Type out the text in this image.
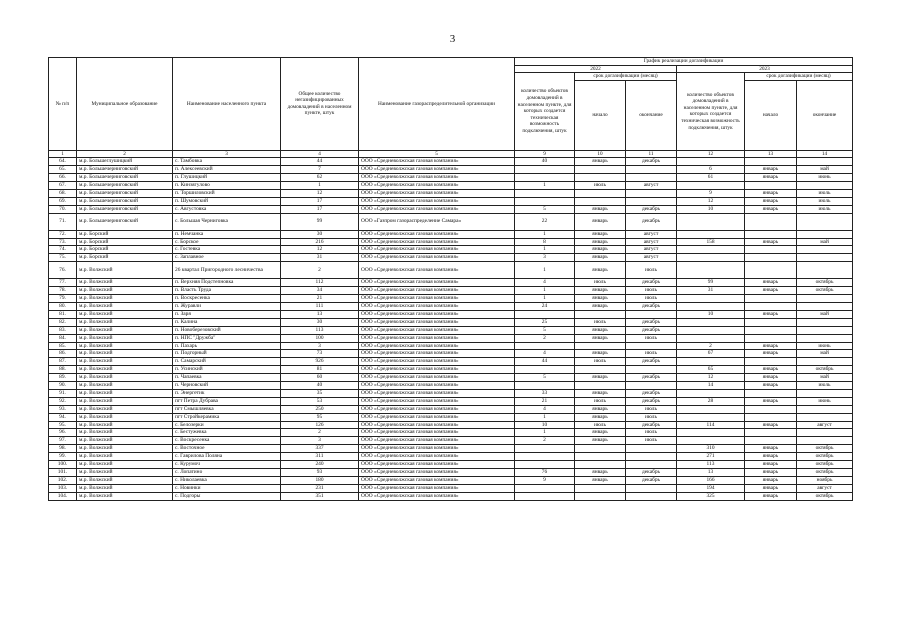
3
№ п/п	Муниципальное образование	Наименование населенного пункта	Общее количество негазифицированных домовладений в населенном пункте, штук	Наименование газораспределительной организации	График реализации догазификации					
					2022			2023		
					количество объектов домовладений в населенном пункте, для которых создается техническая возможность подключения, штук	срок догазификации (месяц)		количество объектов домовладений в населенном пункте, для которых создается техническая возможность подключения, штук	срок догазификации (месяц)	
						начало	окончание		начало	окончание
1	2	3	4	5	9	10	11	12	13	14
64.	м.р. Большеглушицкий	с. Тамбовка	44	ООО «Средневолжская газовая компания»	40	январь	декабрь			
65.	м.р. Большечерниговский	п. Алексеевский	7	ООО «Средневолжская газовая компания»				6	январь	май
66.	м.р. Большечерниговский	п. Глушицкий	62	ООО «Средневолжская газовая компания»				61	январь	июнь
67.	м.р. Большечерниговский	п. Кинзягулово	1	ООО «Средневолжская газовая компания»	1	июль	август			
68.	м.р. Большечерниговский	п. Торшиловский	12	ООО «Средневолжская газовая компания»				9	январь	июль
69.	м.р. Большечерниговский	п. Шумовский	17	ООО «Средневолжская газовая компания»				12	январь	июль
70.	м.р. Большечерниговский	с. Августовка	17	ООО «Средневолжская газовая компания»	5	январь	декабрь	10	январь	июль
71.	м.р. Большечерниговский	с. Большая Черниговка	99	ООО «Газпром газораспределение Самара»	22	январь	декабрь			
72.	м.р. Борский	п. Немчанка	30	ООО «Средневолжская газовая компания»	1	январь	август			
73.	м.р. Борский	с. Борское	216	ООО «Средневолжская газовая компания»	8	январь	август	158	январь	май
74.	м.р. Борский	с. Гостевка	12	ООО «Средневолжская газовая компания»	1	январь	август			
75.	м.р. Борский	с. Заплавное	31	ООО «Средневолжская газовая компания»	3	январь	август			
76.	м.р. Волжский	26 квартал Пригородного лесничества	2	ООО «Средневолжская газовая компания»	1	январь	июль			
77.	м.р. Волжский	п. Верхняя Подстепновка	112	ООО «Средневолжская газовая компания»	4	июль	декабрь	99	январь	октябрь
78.	м.р. Волжский	п. Власть Труда	34	ООО «Средневолжская газовая компания»	1	январь	июль	31	январь	октябрь
79.	м.р. Волжский	п. Воскресенка	21	ООО «Средневолжская газовая компания»	1	январь	июль			
80.	м.р. Волжский	п. Журавли	111	ООО «Средневолжская газовая компания»	24	январь	декабрь			
81.	м.р. Волжский	п. Заря	13	ООО «Средневолжская газовая компания»				10	январь	май
82.	м.р. Волжский	п. Калина	30	ООО «Средневолжская газовая компания»	25	июль	декабрь			
83.	м.р. Волжский	п. Новоберезовский	113	ООО «Средневолжская газовая компания»	5	январь	декабрь			
84.	м.р. Волжский	п. НПС "Дружба"	100	ООО «Средневолжская газовая компания»	2	январь	июль			
85.	м.р. Волжский	п. Пахарь	3	ООО «Средневолжская газовая компания»				2	январь	июнь
86.	м.р. Волжский	п. Подгорный	73	ООО «Средневолжская газовая компания»	4	январь	июль	67	январь	май
87.	м.р. Волжский	п. Самарский	926	ООО «Средневолжская газовая компания»	44	июль	декабрь			
88.	м.р. Волжский	п. Усинский	81	ООО «Средневолжская газовая компания»				65	январь	октябрь
89.	м.р. Волжский	п. Чапаевка	60	ООО «Средневолжская газовая компания»	5	январь	декабрь	12	январь	май
90.	м.р. Волжский	п. Черновский	40	ООО «Средневолжская газовая компания»				14	январь	июль
91.	м.р. Волжский	п. Энергетик	35	ООО «Средневолжская газовая компания»	33	январь	декабрь			
92.	м.р. Волжский	пгт Петра Дубрава	53	ООО «Средневолжская газовая компания»	21	июль	декабрь	28	январь	июнь
93.	м.р. Волжский	пгт Смышляевка	250	ООО «Средневолжская газовая компания»	4	январь	июль			
94.	м.р. Волжский	пгт Стройкерамика	95	ООО «Средневолжская газовая компания»	1	январь	июль			
95.	м.р. Волжский	с. Белозерки	126	ООО «Средневолжская газовая компания»	10	июль	декабрь	114	январь	август
96.	м.р. Волжский	с. Бестужевка	2	ООО «Средневолжская газовая компания»	1	январь	июль			
97.	м.р. Волжский	с. Воскресенка	3	ООО «Средневолжская газовая компания»	2	январь	июль			
98.	м.р. Волжский	с. Восточное	337	ООО «Средневолжская газовая компания»				310	январь	октябрь
99.	м.р. Волжский	с. Гаврилова Поляна	311	ООО «Средневолжская газовая компания»				271	январь	октябрь
100.	м.р. Волжский	с. Курумоч	240	ООО «Средневолжская газовая компания»				113	январь	октябрь
101.	м.р. Волжский	с. Лопатино	93	ООО «Средневолжская газовая компания»	76	январь	декабрь	13	январь	октябрь
102.	м.р. Волжский	с. Николаевка	180	ООО «Средневолжская газовая компания»	9	январь	декабрь	166	январь	ноябрь
103.	м.р. Волжский	с. Новинки	231	ООО «Средневолжская газовая компания»				194	январь	август
104.	м.р. Волжский	с. Подгоры	351	ООО «Средневолжская газовая компания»				325	январь	октябрь
